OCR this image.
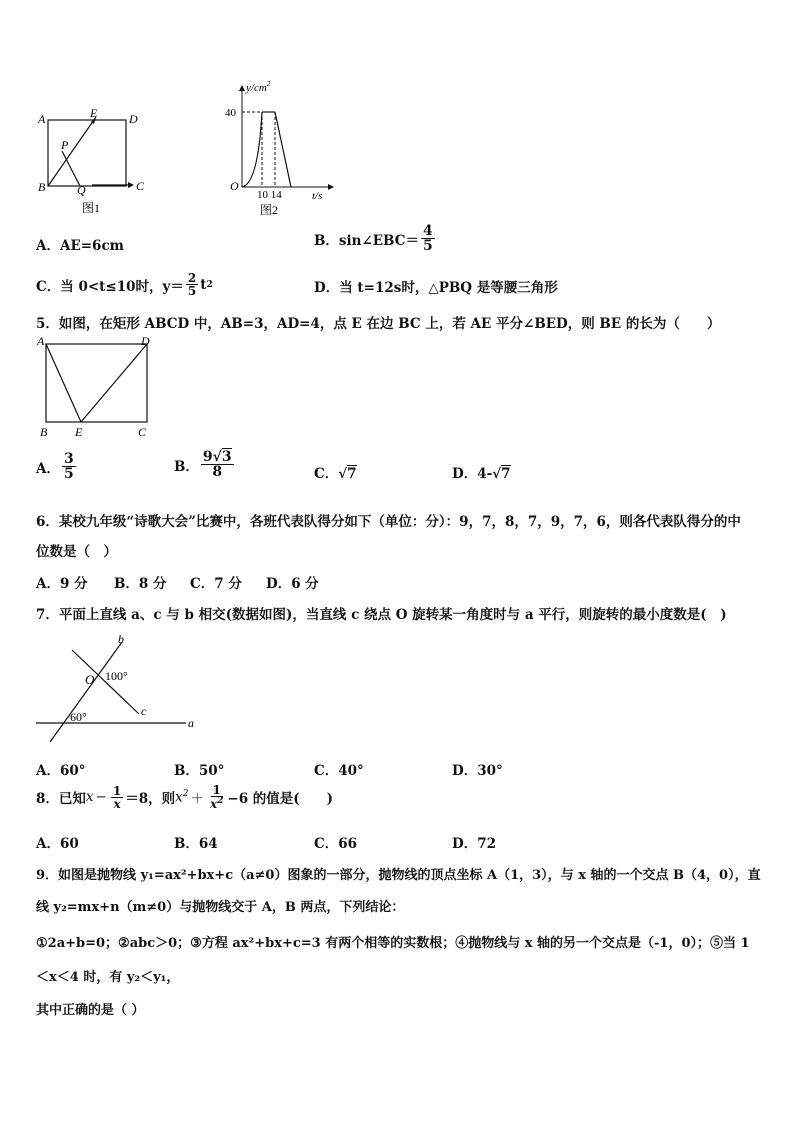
A	E	D
P
B	Q	C
图1
$y/cm^2$
40
O
10 14	t/s
图2
A．AE=6cm	B．sin∠EBC＝ $\frac{4}{5}$
C．当 0<t≤10时，$y= \frac{2}{5}$ t 2	D．当 t=12s时，△PBQ 是等腰三角形
5．如图，在矩形 ABCD 中，AB=3，AD=4，点 E 在边 BC 上，若 AE 平分∠BED，则 BE 的长为（　　）
A	D
B E	C
A． $\frac{3}{5}$	B． $\frac{9√3}{8}$	C．√7	D．4-√7
6．某校九年级“诗歌大会”比赛中，各班代表队得分如下（单位：分）：9，7，8，7，9，7，6，则各代表队得分的中
位数是（　）
A．9 分 B．8 分 C．7 分 D．6 分
7．平面上直线 a、c 与 b 相交(数据如图)，当直线 c 绕点 O 旋转某一角度时与 a 平行，则旋转的最小度数是(　)
b
O 100°
c
60°	a
A．60°	B．50°	C．40°	D．30°
8．已知 $x - \frac{1}{x} =8$，则 $x^2 + \frac{1}{x^2} -6$ 的值是(　　)
A．60	B．64	C．66	D．72
9．如图是抛物线 y₁=ax²+bx+c（a≠0）图象的一部分，抛物线的顶点坐标 A（1，3），与 x 轴的一个交点 B（4，0），直
线 y₂=mx+n（m≠0）与抛物线交于 A，B 两点，下列结论：
①2a+b=0；②abc＞0；③方程 ax²+bx+c=3 有两个相等的实数根；④抛物线与 x 轴的另一个交点是（-1，0）；⑤当 1
＜x＜4 时，有 y₂＜y₁，
其中正确的是（ ）
